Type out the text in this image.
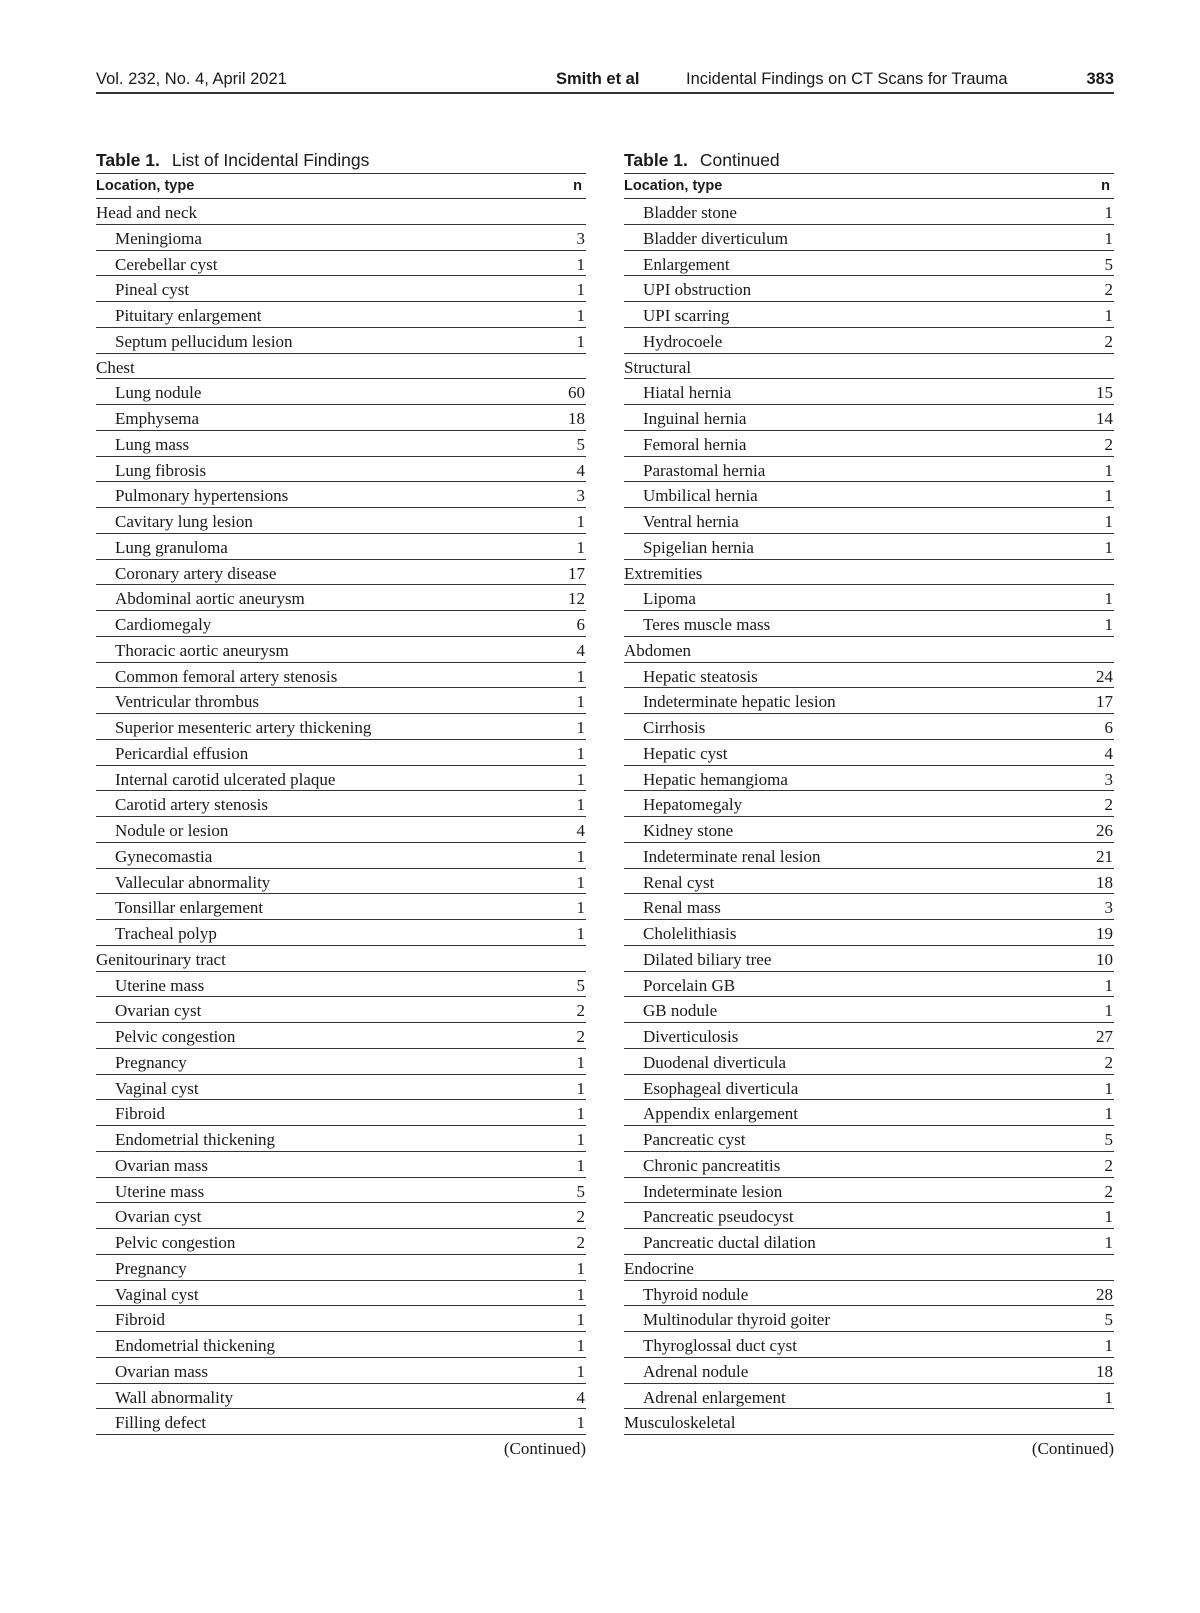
Vol. 232, No. 4, April 2021	Smith et al	Incidental Findings on CT Scans for Trauma	383
Table 1. List of Incidental Findings
Location, type	n
Head and neck
Meningioma	3
Cerebellar cyst	1
Pineal cyst	1
Pituitary enlargement	1
Septum pellucidum lesion	1
Chest
Lung nodule	60
Emphysema	18
Lung mass	5
Lung fibrosis	4
Pulmonary hypertensions	3
Cavitary lung lesion	1
Lung granuloma	1
Coronary artery disease	17
Abdominal aortic aneurysm	12
Cardiomegaly	6
Thoracic aortic aneurysm	4
Common femoral artery stenosis	1
Ventricular thrombus	1
Superior mesenteric artery thickening	1
Pericardial effusion	1
Internal carotid ulcerated plaque	1
Carotid artery stenosis	1
Nodule or lesion	4
Gynecomastia	1
Vallecular abnormality	1
Tonsillar enlargement	1
Tracheal polyp	1
Genitourinary tract
Uterine mass	5
Ovarian cyst	2
Pelvic congestion	2
Pregnancy	1
Vaginal cyst	1
Fibroid	1
Endometrial thickening	1
Ovarian mass	1
Uterine mass	5
Ovarian cyst	2
Pelvic congestion	2
Pregnancy	1
Vaginal cyst	1
Fibroid	1
Endometrial thickening	1
Ovarian mass	1
Wall abnormality	4
Filling defect	1
(Continued)
Table 1. Continued
Location, type	n
Bladder stone	1
Bladder diverticulum	1
Enlargement	5
UPI obstruction	2
UPI scarring	1
Hydrocoele	2
Structural
Hiatal hernia	15
Inguinal hernia	14
Femoral hernia	2
Parastomal hernia	1
Umbilical hernia	1
Ventral hernia	1
Spigelian hernia	1
Extremities
Lipoma	1
Teres muscle mass	1
Abdomen
Hepatic steatosis	24
Indeterminate hepatic lesion	17
Cirrhosis	6
Hepatic cyst	4
Hepatic hemangioma	3
Hepatomegaly	2
Kidney stone	26
Indeterminate renal lesion	21
Renal cyst	18
Renal mass	3
Cholelithiasis	19
Dilated biliary tree	10
Porcelain GB	1
GB nodule	1
Diverticulosis	27
Duodenal diverticula	2
Esophageal diverticula	1
Appendix enlargement	1
Pancreatic cyst	5
Chronic pancreatitis	2
Indeterminate lesion	2
Pancreatic pseudocyst	1
Pancreatic ductal dilation	1
Endocrine
Thyroid nodule	28
Multinodular thyroid goiter	5
Thyroglossal duct cyst	1
Adrenal nodule	18
Adrenal enlargement	1
Musculoskeletal
(Continued)
